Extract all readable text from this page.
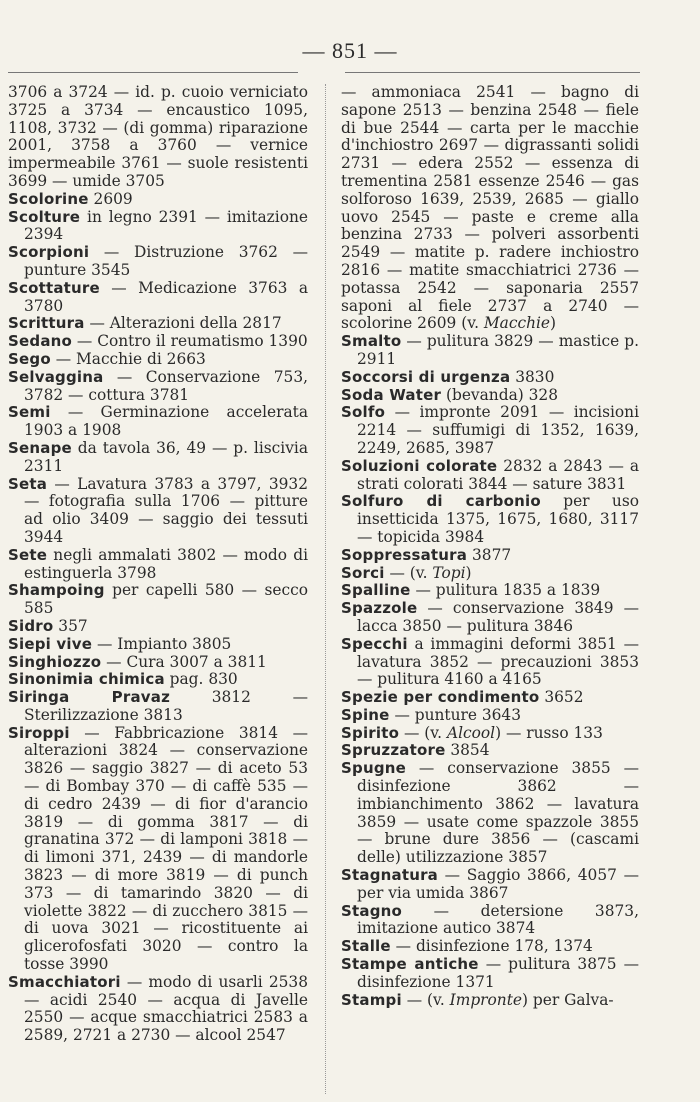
— 851 —
3706 a 3724 — id. p. cuoio verniciato 3725 a 3734 — encaustico 1095, 1108, 3732 — (di gomma) riparazione 2001, 3758 a 3760 — vernice impermeabile 3761 — suole resistenti 3699 — umide 3705
Scolorine 2609
Scolture in legno 2391 — imitazione 2394
Scorpioni — Distruzione 3762 — punture 3545
Scottature — Medicazione 3763 a 3780
Scrittura — Alterazioni della 2817
Sedano — Contro il reumatismo 1390
Sego — Macchie di 2663
Selvaggina — Conservazione 753, 3782 — cottura 3781
Semi — Germinazione accelerata 1903 a 1908
Senape da tavola 36, 49 — p. liscivia 2311
Seta — Lavatura 3783 a 3797, 3932 — fotografia sulla 1706 — pitture ad olio 3409 — saggio dei tessuti 3944
Sete negli ammalati 3802 — modo di estinguerla 3798
Shampoing per capelli 580 — secco 585
Sidro 357
Siepi vive — Impianto 3805
Singhiozzo — Cura 3007 a 3811
Sinonimia chimica pag. 830
Siringa Pravaz 3812 — Sterilizzazione 3813
Siroppi — Fabbricazione 3814 — alterazioni 3824 — conservazione 3826 — saggio 3827 — di aceto 53 — di Bombay 370 — di caffè 535 — di cedro 2439 — di fior d'arancio 3819 — di gomma 3817 — di granatina 372 — di lamponi 3818 — di limoni 371, 2439 — di mandorle 3823 — di more 3819 — di punch 373 — di tamarindo 3820 — di violette 3822 — di zucchero 3815 — di uova 3021 — ricostituente ai glicerofosfati 3020 — contro la tosse 3990
Smacchiatori — modo di usarli 2538 — acidi 2540 — acqua di Javelle 2550 — acque smacchiatrici 2583 a 2589, 2721 a 2730 — alcool 2547
— ammoniaca 2541 — bagno di sapone 2513 — benzina 2548 — fiele di bue 2544 — carta per le macchie d'inchiostro 2697 — digrassanti solidi 2731 — edera 2552 — essenza di trementina 2581 essenze 2546 — gas solforoso 1639, 2539, 2685 — giallo uovo 2545 — paste e creme alla benzina 2733 — polveri assorbenti 2549 — matite p. radere inchiostro 2816 — matite smacchiatrici 2736 — potassa 2542 — saponaria 2557 saponi al fiele 2737 a 2740 — scolorine 2609 (v. Macchie)
Smalto — pulitura 3829 — mastice p. 2911
Soccorsi di urgenza 3830
Soda Water (bevanda) 328
Solfo — impronte 2091 — incisioni 2214 — suffumigi di 1352, 1639, 2249, 2685, 3987
Soluzioni colorate 2832 a 2843 — a strati colorati 3844 — sature 3831
Solfuro di carbonio per uso insetticida 1375, 1675, 1680, 3117 — topicida 3984
Soppressatura 3877
Sorci — (v. Topi)
Spalline — pulitura 1835 a 1839
Spazzole — conservazione 3849 — lacca 3850 — pulitura 3846
Specchi a immagini deformi 3851 — lavatura 3852 — precauzioni 3853 — pulitura 4160 a 4165
Spezie per condimento 3652
Spine — punture 3643
Spirito — (v. Alcool) — russo 133
Spruzzatore 3854
Spugne — conservazione 3855 — disinfezione 3862 — imbianchimento 3862 — lavatura 3859 — usate come spazzole 3855 — brune dure 3856 — (cascami delle) utilizzazione 3857
Stagnatura — Saggio 3866, 4057 — per via umida 3867
Stagno — detersione 3873, imitazione autico 3874
Stalle — disinfezione 178, 1374
Stampe antiche — pulitura 3875 — disinfezione 1371
Stampi — (v. Impronte) per Galva-
